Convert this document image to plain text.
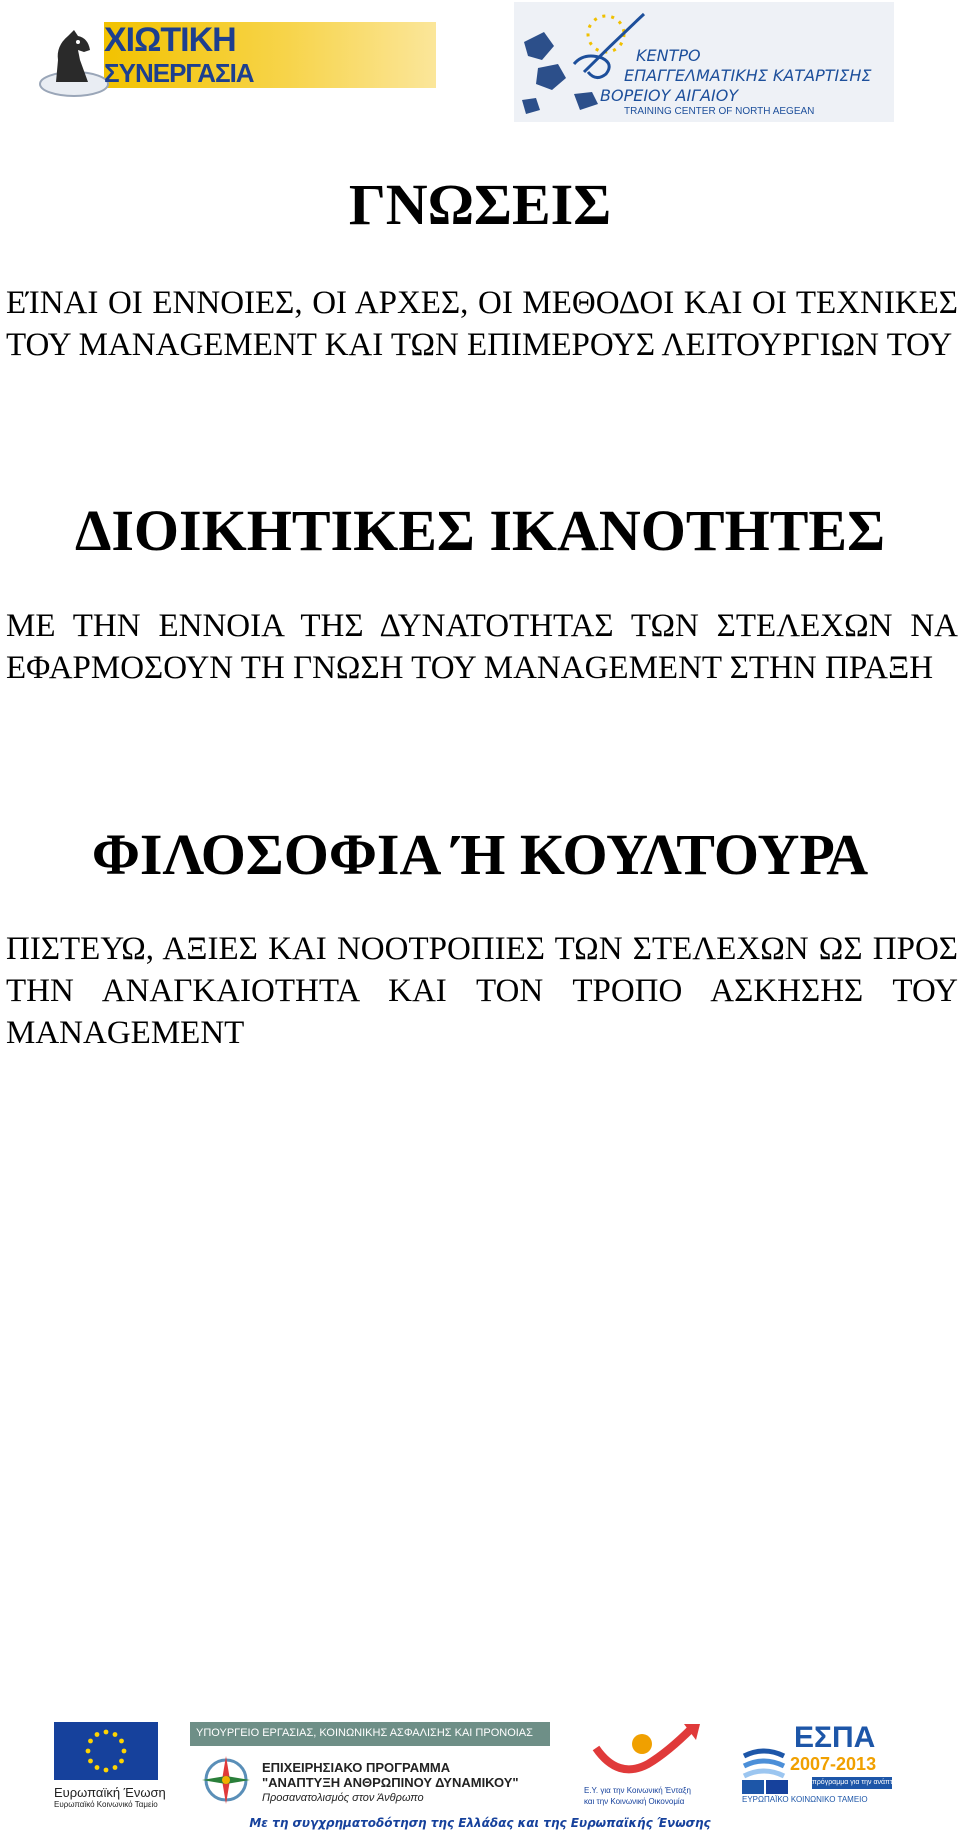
ΧΙΩΤΙΚΗ
ΣΥΝΕΡΓΑΣΙΑ
ΚΕΝΤΡΟ
ΕΠΑΓΓΕΛΜΑΤΙΚΗΣ ΚΑΤΑΡΤΙΣΗΣ
ΒΟΡΕΙΟΥ ΑΙΓΑΙΟΥ
TRAINING CENTER OF NORTH AEGEAN
ΓΝΩΣΕΙΣ
ΕΊΝΑΙ ΟΙ ΕΝΝΟΙΕΣ, ΟΙ ΑΡΧΕΣ, ΟΙ ΜΕΘΟΔΟΙ ΚΑΙ ΟΙ ΤΕΧΝΙΚΕΣ ΤΟΥ MANAGEMENT ΚΑΙ ΤΩΝ ΕΠΙΜΕΡΟΥΣ ΛΕΙΤΟΥΡΓΙΩΝ ΤΟΥ
ΔΙΟΙΚΗΤΙΚΕΣ ΙΚΑΝΟΤΗΤΕΣ
ΜΕ ΤΗΝ ΕΝΝΟΙΑ ΤΗΣ ΔΥΝΑΤΟΤΗΤΑΣ ΤΩΝ ΣΤΕΛΕΧΩΝ ΝΑ ΕΦΑΡΜΟΣΟΥΝ ΤΗ ΓΝΩΣΗ ΤΟΥ MANAGEMENT ΣΤΗΝ ΠΡΑΞΗ
ΦΙΛΟΣΟΦΙΑ Ή ΚΟΥΛΤΟΥΡΑ
ΠΙΣΤΕΥΩ, ΑΞΙΕΣ ΚΑΙ ΝΟΟΤΡΟΠΙΕΣ ΤΩΝ ΣΤΕΛΕΧΩΝ ΩΣ ΠΡΟΣ ΤΗΝ ΑΝΑΓΚΑΙΟΤΗΤΑ ΚΑΙ ΤΟΝ ΤΡΟΠΟ ΑΣΚΗΣΗΣ ΤΟΥ MANAGEMENT
Ευρωπαϊκή Ένωση
Ευρωπαϊκό Κοινωνικό Ταμείο
ΥΠΟΥΡΓΕΙΟ ΕΡΓΑΣΙΑΣ, ΚΟΙΝΩΝΙΚΗΣ ΑΣΦΑΛΙΣΗΣ ΚΑΙ ΠΡΟΝΟΙΑΣ
ΕΠΙΧΕΙΡΗΣΙΑΚΟ ΠΡΟΓΡΑΜΜΑ
"ΑΝΑΠΤΥΞΗ ΑΝΘΡΩΠΙΝΟΥ ΔΥΝΑΜΙΚΟΥ"
Προσανατολισμός στον Άνθρωπο
Ε.Υ. για την Κοινωνική Ένταξη
και την Κοινωνική Οικονομία
ΕΣΠΑ
2007-2013
πρόγραμμα για την ανάπτυξη
ΕΥΡΩΠΑΪΚΟ ΚΟΙΝΩΝΙΚΟ ΤΑΜΕΙΟ
Με τη συγχρηματοδότηση της Ελλάδας και της Ευρωπαϊκής Ένωσης
